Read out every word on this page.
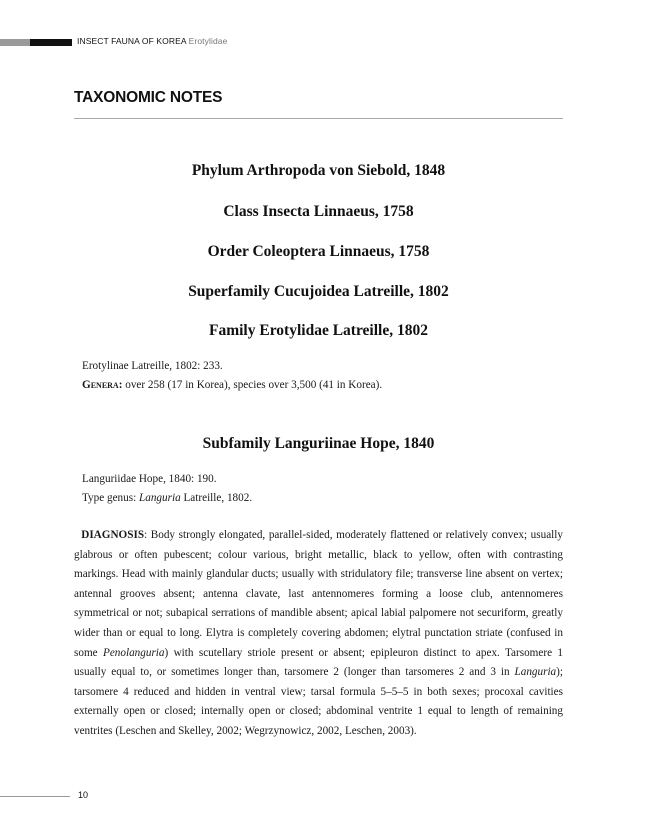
INSECT FAUNA OF KOREA Erotylidae
TAXONOMIC NOTES
Phylum Arthropoda von Siebold, 1848
Class Insecta Linnaeus, 1758
Order Coleoptera Linnaeus, 1758
Superfamily Cucujoidea Latreille, 1802
Family Erotylidae Latreille, 1802
Erotylinae Latreille, 1802: 233.
Genera: over 258 (17 in Korea), species over 3,500 (41 in Korea).
Subfamily Languriinae Hope, 1840
Languriidae Hope, 1840: 190.
Type genus: Languria Latreille, 1802.
DIAGNOSIS: Body strongly elongated, parallel-sided, moderately flattened or relatively convex; usually glabrous or often pubescent; colour various, bright metallic, black to yellow, often with contrasting markings. Head with mainly glandular ducts; usually with stridulatory file; transverse line absent on vertex; antennal grooves absent; antenna clavate, last antennomeres forming a loose club, antennomeres symmetrical or not; subapical serrations of mandible absent; apical labial palpomere not securiform, greatly wider than or equal to long. Elytra is completely covering abdomen; elytral punctation striate (confused in some Penolanguria) with scutellary striole present or absent; epipleuron distinct to apex. Tarsomere 1 usually equal to, or sometimes longer than, tarsomere 2 (longer than tarsomeres 2 and 3 in Languria); tarsomere 4 reduced and hidden in ventral view; tarsal formula 5–5–5 in both sexes; procoxal cavities externally open or closed; internally open or closed; abdominal ventrite 1 equal to length of remaining ventrites (Leschen and Skelley, 2002; Wegrzynowicz, 2002, Leschen, 2003).
10
